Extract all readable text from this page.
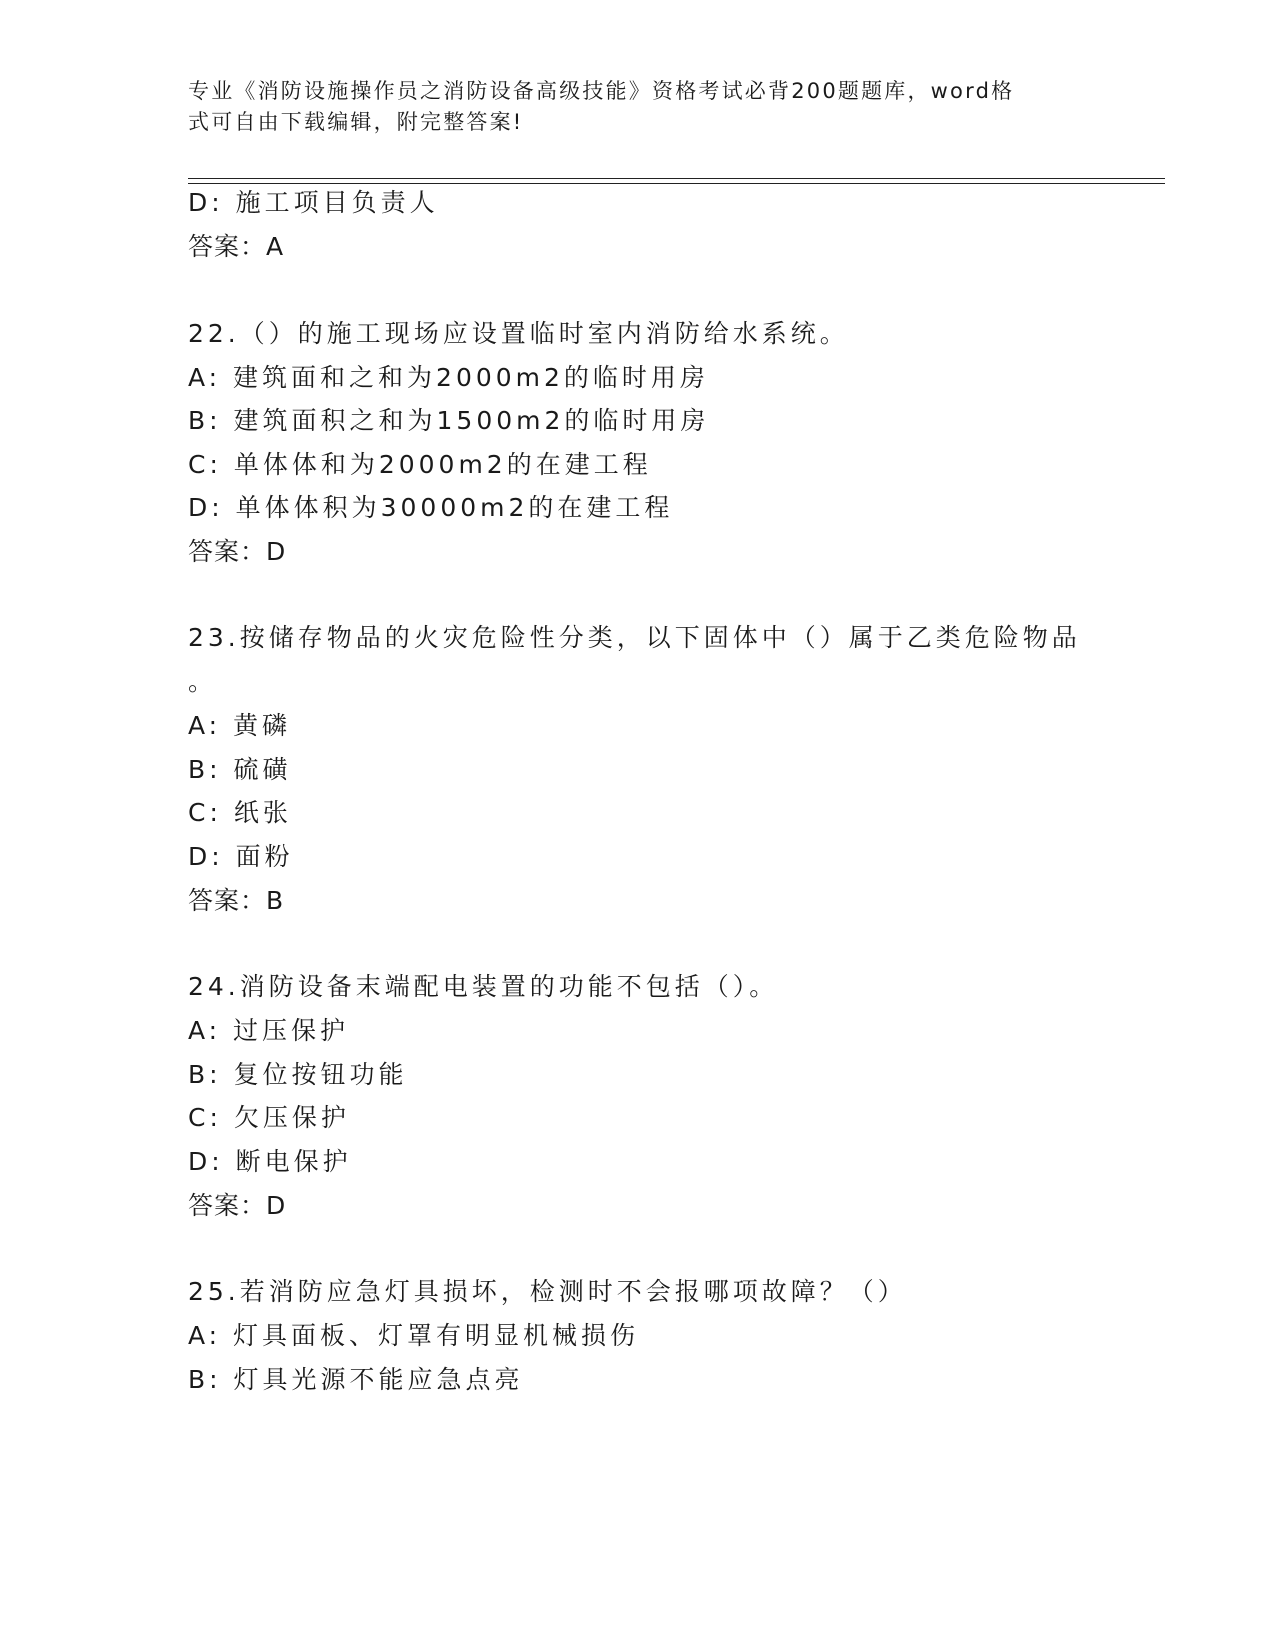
专业《消防设施操作员之消防设备高级技能》资格考试必背200题题库，word格
式可自由下载编辑，附完整答案!
D: 施工项目负责人
答案：A
22.（）的施工现场应设置临时室内消防给水系统。
A: 建筑面和之和为2000m2的临时用房
B: 建筑面积之和为1500m2的临时用房
C: 单体体和为2000m2的在建工程
D: 单体体积为30000m2的在建工程
答案：D
23.按储存物品的火灾危险性分类，以下固体中（）属于乙类危险物品
。
A: 黄磷
B: 硫磺
C: 纸张
D: 面粉
答案：B
24.消防设备末端配电装置的功能不包括（）。
A: 过压保护
B: 复位按钮功能
C: 欠压保护
D: 断电保护
答案：D
25.若消防应急灯具损坏，检测时不会报哪项故障？（）
A: 灯具面板、灯罩有明显机械损伤
B: 灯具光源不能应急点亮
